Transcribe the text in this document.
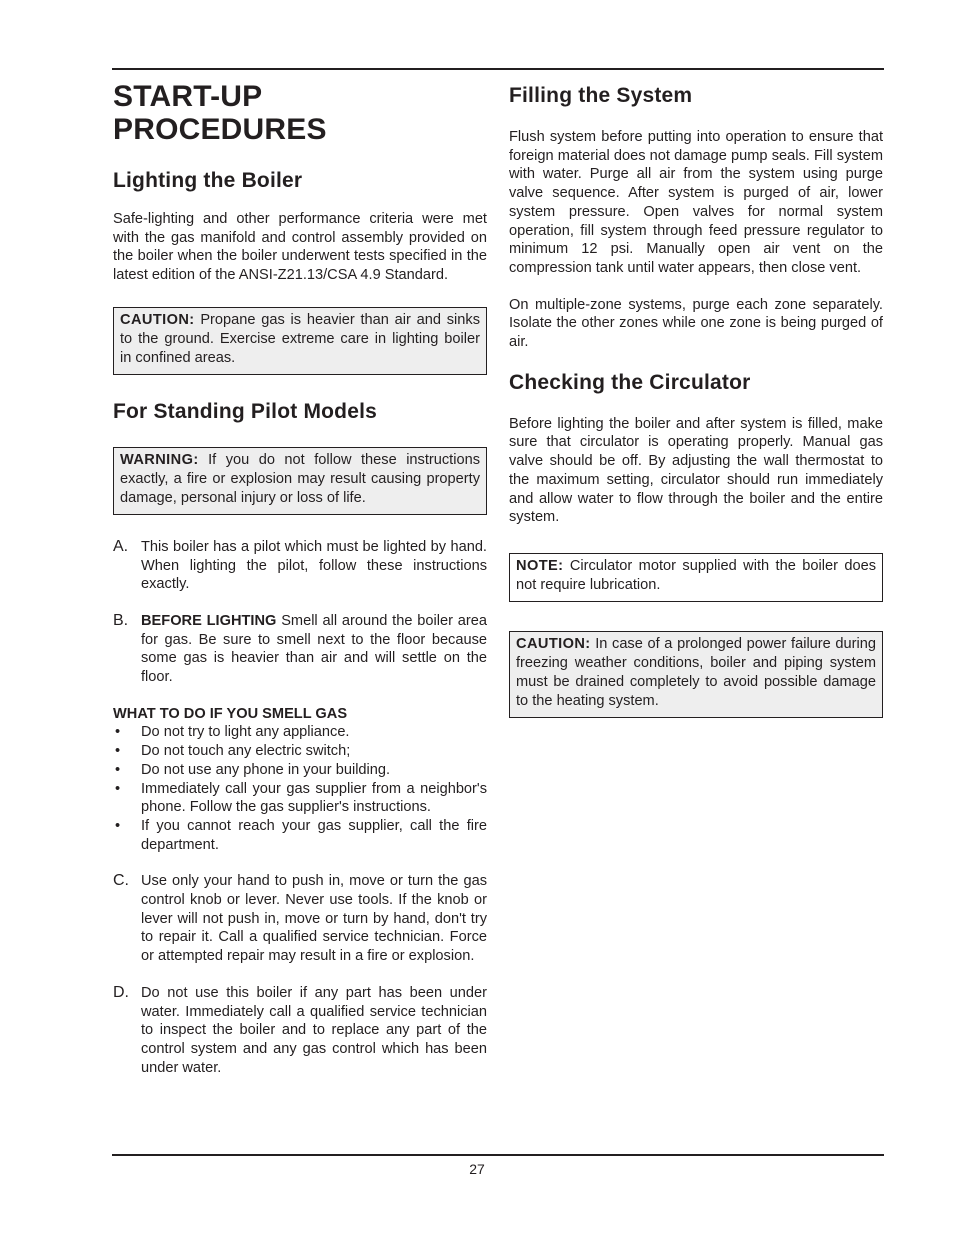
START-UP
PROCEDURES
Lighting the Boiler

Safe-lighting and other performance criteria were met with the gas manifold and control assembly provided on the boiler when the boiler underwent tests specified in the latest edition of the ANSI-Z21.13/CSA 4.9 Standard.

CAUTION: Propane gas is heavier than air and sinks to the ground. Exercise extreme care in lighting boiler in confined areas.
For Standing Pilot Models
WARNING: If you do not follow these instructions exactly, a fire or explosion may result causing property damage, personal injury or loss of life.
A. This boiler has a pilot which must be lighted by hand. When lighting the pilot, follow these instructions exactly.

B. BEFORE LIGHTING Smell all around the boiler area for gas. Be sure to smell next to the floor because some gas is heavier than air and will settle on the floor.

WHAT TO DO IF YOU SMELL GAS
• Do not try to light any appliance.
• Do not touch any electric switch;
• Do not use any phone in your building.
• Immediately call your gas supplier from a neighbor's phone. Follow the gas supplier's instructions.
• If you cannot reach your gas supplier, call the fire department.
C. Use only your hand to push in, move or turn the gas control knob or lever. Never use tools. If the knob or lever will not push in, move or turn by hand, don't try to repair it. Call a qualified service technician. Force or attempted repair may result in a fire or explosion.

D. Do not use this boiler if any part has been under water. Immediately call a qualified service technician to inspect the boiler and to replace any part of the control system and any gas control which has been under water.

Filling the System

Flush system before putting into operation to ensure that foreign material does not damage pump seals. Fill system with water. Purge all air from the system using purge valve sequence. After system is purged of air, lower system pressure. Open valves for normal system operation, fill system through feed pressure regulator to minimum 12 psi. Manually open air vent on the compression tank until water appears, then close vent.

On multiple-zone systems, purge each zone separately. Isolate the other zones while one zone is being purged of air.

Checking the Circulator

Before lighting the boiler and after system is filled, make sure that circulator is operating properly. Manual gas valve should be off. By adjusting the wall thermostat to the maximum setting, circulator should run immediately and allow water to flow through the boiler and the entire system.

NOTE: Circulator motor supplied with the boiler does not require lubrication.
CAUTION: In case of a prolonged power failure during freezing weather conditions, boiler and piping system must be drained completely to avoid possible damage to the heating system.
27
